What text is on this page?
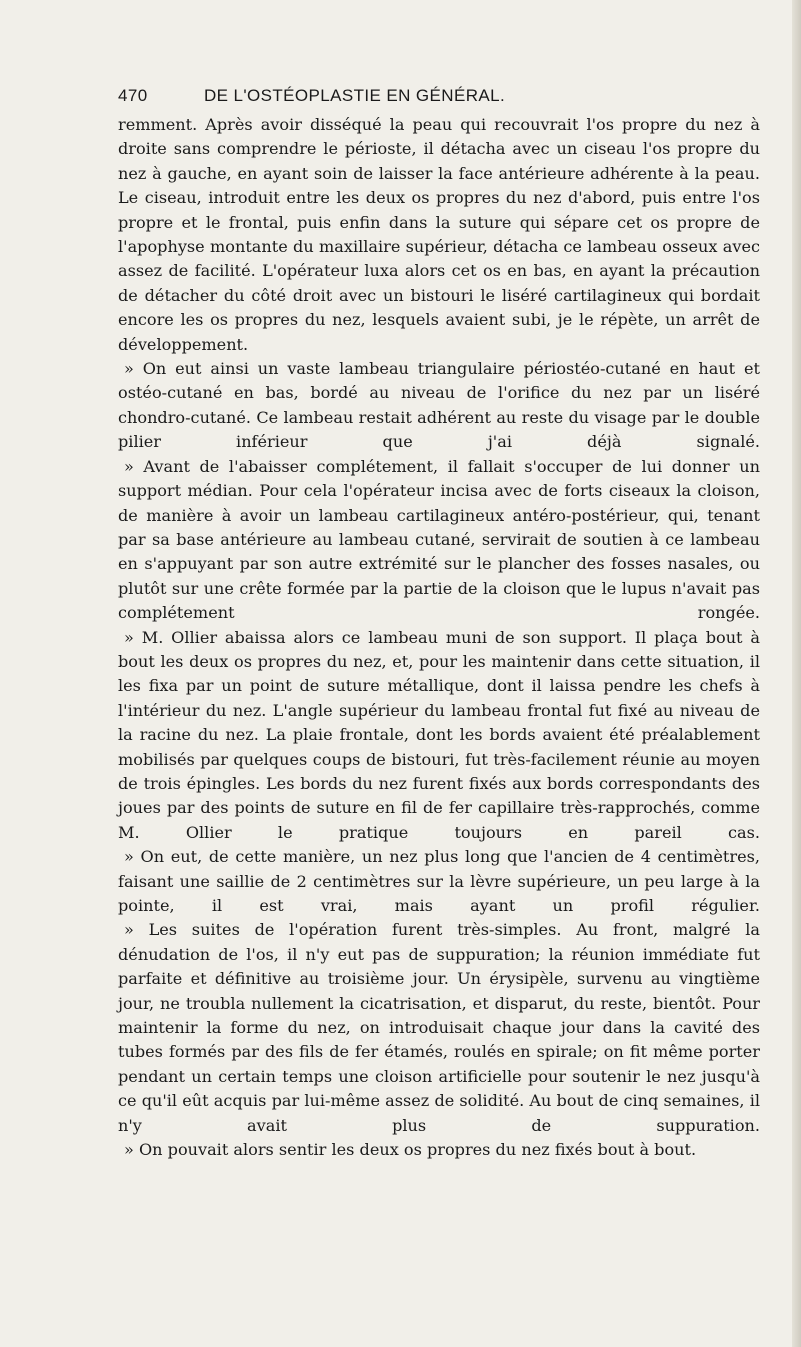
470	DE L'OSTÉOPLASTIE EN GÉNÉRAL.

remment. Après avoir disséqué la peau qui recouvrait l'os propre du nez à droite sans comprendre le périoste, il détacha avec un ciseau l'os propre du nez à gauche, en ayant soin de laisser la face antérieure adhérente à la peau. Le ciseau, introduit entre les deux os propres du nez d'abord, puis entre l'os propre et le frontal, puis enfin dans la suture qui sépare cet os propre de l'apophyse montante du maxillaire supérieur, détacha ce lambeau osseux avec assez de facilité. L'opérateur luxa alors cet os en bas, en ayant la précaution de détacher du côté droit avec un bistouri le liséré cartilagineux qui bordait encore les os propres du nez, lesquels avaient subi, je le répète, un arrêt de développement.

» On eut ainsi un vaste lambeau triangulaire périostéo-cutané en haut et ostéo-cutané en bas, bordé au niveau de l'orifice du nez par un liséré chondro-cutané. Ce lambeau restait adhérent au reste du visage par le double pilier inférieur que j'ai déjà signalé.

» Avant de l'abaisser complétement, il fallait s'occuper de lui donner un support médian. Pour cela l'opérateur incisa avec de forts ciseaux la cloison, de manière à avoir un lambeau cartilagineux antéro-postérieur, qui, tenant par sa base antérieure au lambeau cutané, servirait de soutien à ce lambeau en s'appuyant par son autre extrémité sur le plancher des fosses nasales, ou plutôt sur une crête formée par la partie de la cloison que le lupus n'avait pas complétement rongée.

» M. Ollier abaissa alors ce lambeau muni de son support. Il plaça bout à bout les deux os propres du nez, et, pour les maintenir dans cette situation, il les fixa par un point de suture métallique, dont il laissa pendre les chefs à l'intérieur du nez. L'angle supérieur du lambeau frontal fut fixé au niveau de la racine du nez. La plaie frontale, dont les bords avaient été préalablement mobilisés par quelques coups de bistouri, fut très-facilement réunie au moyen de trois épingles. Les bords du nez furent fixés aux bords correspondants des joues par des points de suture en fil de fer capillaire très-rapprochés, comme M. Ollier le pratique toujours en pareil cas.

» On eut, de cette manière, un nez plus long que l'ancien de 4 centimètres, faisant une saillie de 2 centimètres sur la lèvre supérieure, un peu large à la pointe, il est vrai, mais ayant un profil régulier.

» Les suites de l'opération furent très-simples. Au front, malgré la dénudation de l'os, il n'y eut pas de suppuration; la réunion immédiate fut parfaite et définitive au troisième jour. Un érysipèle, survenu au vingtième jour, ne troubla nullement la cicatrisation, et disparut, du reste, bientôt. Pour maintenir la forme du nez, on introduisait chaque jour dans la cavité des tubes formés par des fils de fer étamés, roulés en spirale; on fit même porter pendant un certain temps une cloison artificielle pour soutenir le nez jusqu'à ce qu'il eût acquis par lui-même assez de solidité. Au bout de cinq semaines, il n'y avait plus de suppuration.

» On pouvait alors sentir les deux os propres du nez fixés bout à bout.
